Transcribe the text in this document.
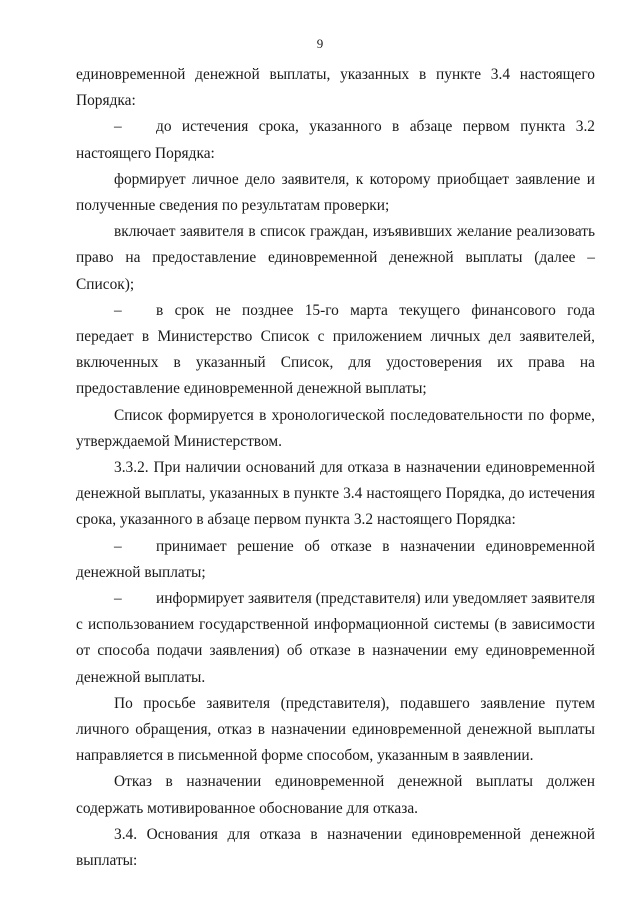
9

единовременной денежной выплаты, указанных в пункте 3.4 настоящего Порядка:

– до истечения срока, указанного в абзаце первом пункта 3.2 настоящего Порядка:

формирует личное дело заявителя, к которому приобщает заявление и полученные сведения по результатам проверки;

включает заявителя в список граждан, изъявивших желание реализовать право на предоставление единовременной денежной выплаты (далее – Список);

– в срок не позднее 15-го марта текущего финансового года передает в Министерство Список с приложением личных дел заявителей, включенных в указанный Список, для удостоверения их права на предоставление единовременной денежной выплаты;

Список формируется в хронологической последовательности по форме, утверждаемой Министерством.

3.3.2. При наличии оснований для отказа в назначении единовременной денежной выплаты, указанных в пункте 3.4 настоящего Порядка, до истечения срока, указанного в абзаце первом пункта 3.2 настоящего Порядка:

– принимает решение об отказе в назначении единовременной денежной выплаты;

– информирует заявителя (представителя) или уведомляет заявителя с использованием государственной информационной системы (в зависимости от способа подачи заявления) об отказе в назначении ему единовременной денежной выплаты.

По просьбе заявителя (представителя), подавшего заявление путем личного обращения, отказ в назначении единовременной денежной выплаты направляется в письменной форме способом, указанным в заявлении.

Отказ в назначении единовременной денежной выплаты должен содержать мотивированное обоснование для отказа.

3.4. Основания для отказа в назначении единовременной денежной выплаты:
